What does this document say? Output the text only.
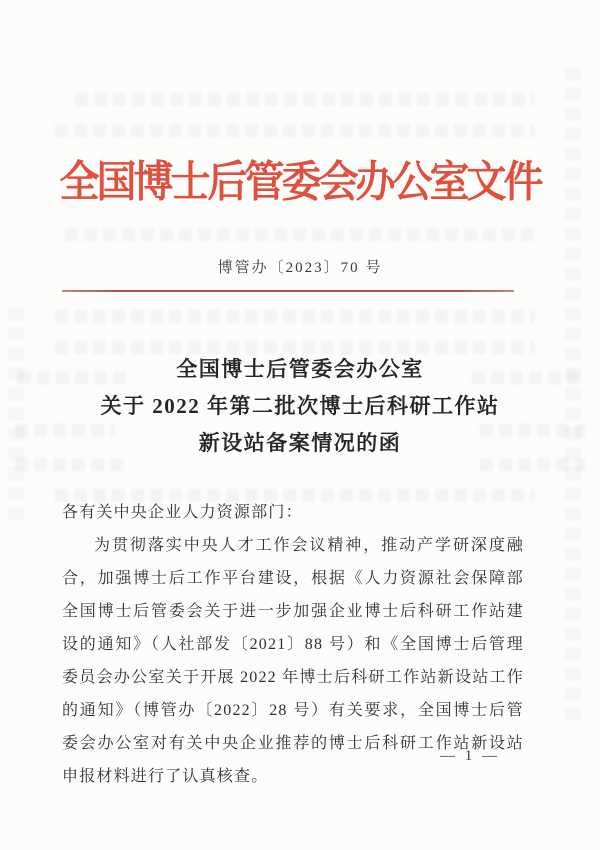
全国博士后管委会办公室文件
博管办〔2023〕70 号
全国博士后管委会办公室
关于 2022 年第二批次博士后科研工作站
新设站备案情况的函

各有关中央企业人力资源部门：

为贯彻落实中央人才工作会议精神，推动产学研深度融合，加强博士后工作平台建设，根据《人力资源社会保障部 全国博士后管委会关于进一步加强企业博士后科研工作站建设的通知》（人社部发〔2021〕88 号）和《全国博士后管理委员会办公室关于开展 2022 年博士后科研工作站新设站工作的通知》（博管办〔2022〕28 号）有关要求，全国博士后管委会办公室对有关中央企业推荐的博士后科研工作站新设站申报材料进行了认真核查。

— 1 —
